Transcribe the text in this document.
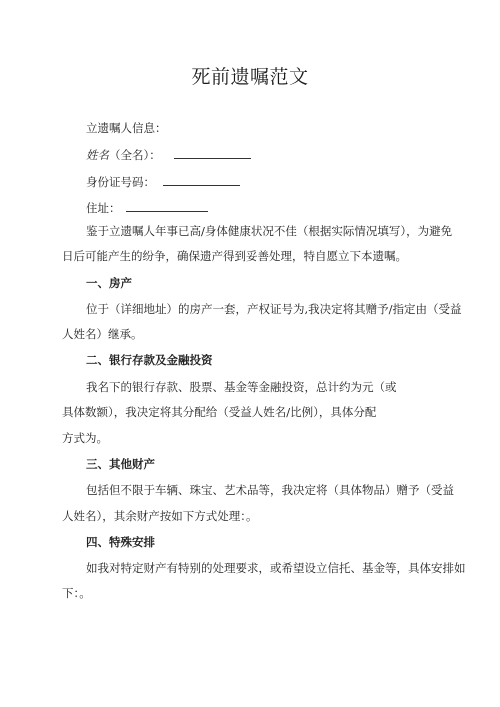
死前遗嘱范文
立遗嘱人信息：
姓名（全名）：
身份证号码：
住址：
鉴于立遗嘱人年事已高/身体健康状况不佳（根据实际情况填写），为避免
日后可能产生的纷争，确保遗产得到妥善处理，特自愿立下本遗嘱。
一、房产
位于（详细地址）的房产一套，产权证号为,我决定将其赠予/指定由（受益
人姓名）继承。
二、银行存款及金融投资
我名下的银行存款、股票、基金等金融投资，总计约为元（或
具体数额），我决定将其分配给（受益人姓名/比例），具体分配
方式为。
三、其他财产
包括但不限于车辆、珠宝、艺术品等，我决定将（具体物品）赠予（受益
人姓名），其余财产按如下方式处理：。
四、特殊安排
如我对特定财产有特别的处理要求，或希望设立信托、基金等，具体安排如
下：。
